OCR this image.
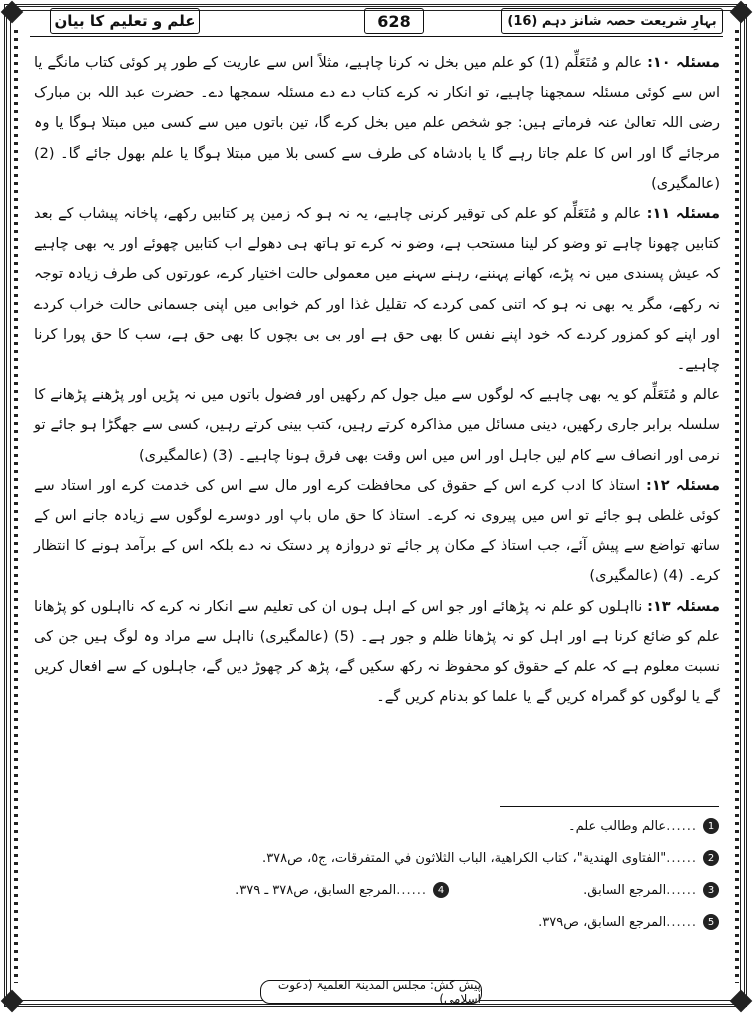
بہارِ شریعت حصہ شانز دہم (16)
628
علم و تعلیم کا بیان

مسئلہ ۱۰: عالم و مُتَعَلِّم (1) کو علم میں بخل نہ کرنا چاہیے، مثلاً اس سے عاریت کے طور پر کوئی کتاب مانگے یا اس سے کوئی مسئلہ سمجھنا چاہیے، تو انکار نہ کرے کتاب دے دے مسئلہ سمجھا دے۔ حضرت عبد اللہ بن مبارک رضی اللہ تعالیٰ عنہ فرماتے ہیں: جو شخص علم میں بخل کرے گا، تین باتوں میں سے کسی میں مبتلا ہوگا یا وہ مرجائے گا اور اس کا علم جاتا رہے گا یا بادشاہ کی طرف سے کسی بلا میں مبتلا ہوگا یا علم بھول جائے گا۔ (2) (عالمگیری)

مسئلہ ۱۱: عالم و مُتَعَلِّم کو علم کی توقیر کرنی چاہیے، یہ نہ ہو کہ زمین پر کتابیں رکھے، پاخانہ پیشاب کے بعد کتابیں چھونا چاہے تو وضو کر لینا مستحب ہے، وضو نہ کرے تو ہاتھ ہی دھولے اب کتابیں چھوئے اور یہ بھی چاہیے کہ عیش پسندی میں نہ پڑے، کھانے پہننے، رہنے سہنے میں معمولی حالت اختیار کرے، عورتوں کی طرف زیادہ توجہ نہ رکھے، مگر یہ بھی نہ ہو کہ اتنی کمی کردے کہ تقلیل غذا اور کم خوابی میں اپنی جسمانی حالت خراب کردے اور اپنے کو کمزور کردے کہ خود اپنے نفس کا بھی حق ہے اور بی بی بچوں کا بھی حق ہے، سب کا حق پورا کرنا چاہیے۔

عالم و مُتَعَلِّم کو یہ بھی چاہیے کہ لوگوں سے میل جول کم رکھیں اور فضول باتوں میں نہ پڑیں اور پڑھنے پڑھانے کا سلسلہ برابر جاری رکھیں، دینی مسائل میں مذاکرہ کرتے رہیں، کتب بینی کرتے رہیں، کسی سے جھگڑا ہو جائے تو نرمی اور انصاف سے کام لیں جاہل اور اس میں اس وقت بھی فرق ہونا چاہیے۔ (3) (عالمگیری)

مسئلہ ۱۲: استاذ کا ادب کرے اس کے حقوق کی محافظت کرے اور مال سے اس کی خدمت کرے اور استاد سے کوئی غلطی ہو جائے تو اس میں پیروی نہ کرے۔ استاذ کا حق ماں باپ اور دوسرے لوگوں سے زیادہ جانے اس کے ساتھ تواضع سے پیش آئے، جب استاذ کے مکان پر جائے تو دروازہ پر دستک نہ دے بلکہ اس کے برآمد ہونے کا انتظار کرے۔ (4) (عالمگیری)

مسئلہ ۱۳: نااہلوں کو علم نہ پڑھائے اور جو اس کے اہل ہوں ان کی تعلیم سے انکار نہ کرے کہ نااہلوں کو پڑھانا علم کو ضائع کرنا ہے اور اہل کو نہ پڑھانا ظلم و جور ہے۔ (5) (عالمگیری) نااہل سے مراد وہ لوگ ہیں جن کی نسبت معلوم ہے کہ علم کے حقوق کو محفوظ نہ رکھ سکیں گے، پڑھ کر چھوڑ دیں گے، جاہلوں کے سے افعال کریں گے یا لوگوں کو گمراہ کریں گے یا علما کو بدنام کریں گے۔

1
......
عالم وطالب علم۔
2
......
"الفتاوى الهندية"، كتاب الكراهية، الباب الثلاثون في المتفرقات، ج٥، ص٣٧٨.
3
......
المرجع السابق.
4
......
المرجع السابق، ص٣٧٨ ـ ٣٧٩.
5
......
المرجع السابق، ص٣٧٩.
پیش کش: مجلس المدینۃ العلمیۃ (دعوت اسلامی)
